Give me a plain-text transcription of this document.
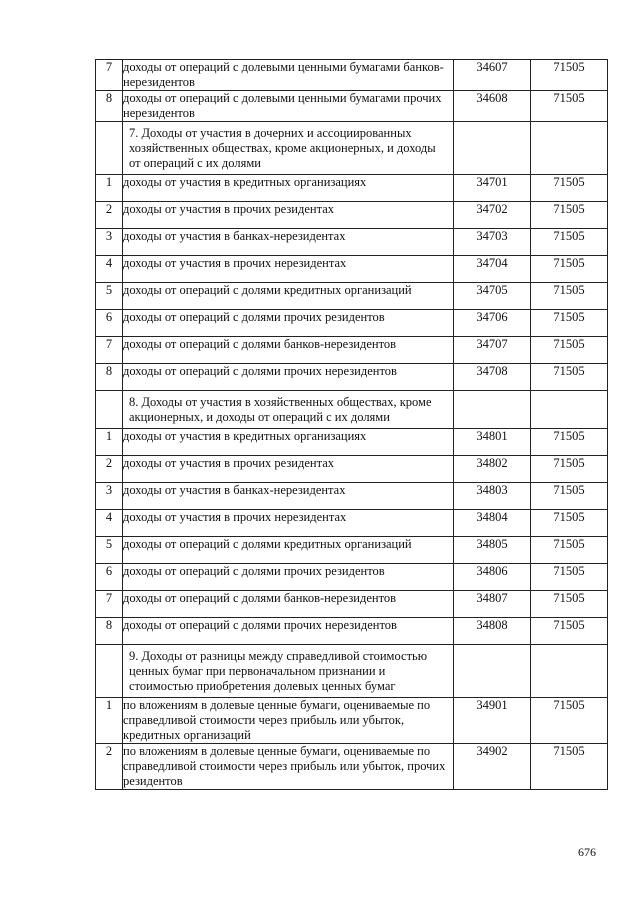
7	доходы от операций с долевыми ценными бумагами банков-нерезидентов	34607	71505
8	доходы от операций с долевыми ценными бумагами прочих нерезидентов	34608	71505
	7. Доходы от участия в дочерних и ассоциированных хозяйственных обществах, кроме акционерных, и доходы от операций с их долями		
1	доходы от участия в кредитных организациях	34701	71505
2	доходы от участия в прочих резидентах	34702	71505
3	доходы от участия в банках-нерезидентах	34703	71505
4	доходы от участия в прочих нерезидентах	34704	71505
5	доходы от операций с долями кредитных организаций	34705	71505
6	доходы от операций с долями прочих резидентов	34706	71505
7	доходы от операций с долями банков-нерезидентов	34707	71505
8	доходы от операций с долями прочих нерезидентов	34708	71505
	8. Доходы от участия в хозяйственных обществах, кроме акционерных, и доходы от операций с их долями		
1	доходы от участия в кредитных организациях	34801	71505
2	доходы от участия в прочих резидентах	34802	71505
3	доходы от участия в банках-нерезидентах	34803	71505
4	доходы от участия в прочих нерезидентах	34804	71505
5	доходы от операций с долями кредитных организаций	34805	71505
6	доходы от операций с долями прочих резидентов	34806	71505
7	доходы от операций с долями банков-нерезидентов	34807	71505
8	доходы от операций с долями прочих нерезидентов	34808	71505
	9. Доходы от разницы между справедливой стоимостью ценных бумаг при первоначальном признании и стоимостью приобретения долевых ценных бумаг		
1	по вложениям в долевые ценные бумаги, оцениваемые по справедливой стоимости через прибыль или убыток, кредитных организаций	34901	71505
2	по вложениям в долевые ценные бумаги, оцениваемые по справедливой стоимости через прибыль или убыток, прочих резидентов	34902	71505
676
